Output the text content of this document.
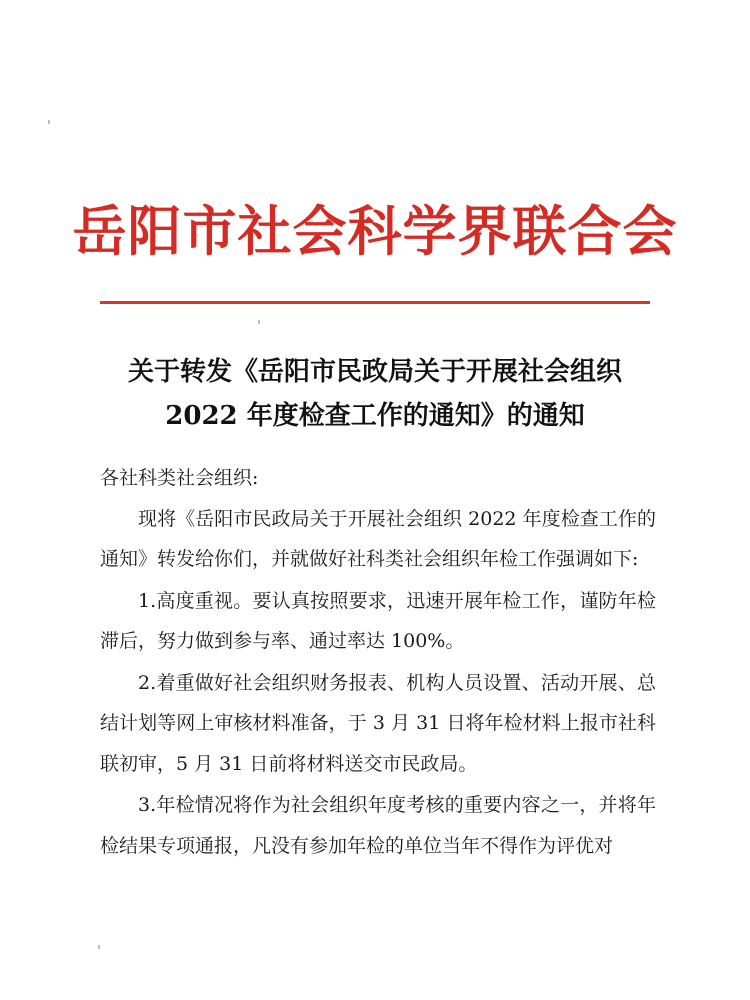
岳阳市社会科学界联合会
关于转发《岳阳市民政局关于开展社会组织
2022 年度检查工作的通知》的通知

各社科类社会组织:

现将《岳阳市民政局关于开展社会组织 2022 年度检查工作的通知》转发给你们，并就做好社科类社会组织年检工作强调如下:

1.高度重视。要认真按照要求，迅速开展年检工作，谨防年检滞后，努力做到参与率、通过率达 100%。

2.着重做好社会组织财务报表、机构人员设置、活动开展、总结计划等网上审核材料准备，于 3 月 31 日将年检材料上报市社科联初审，5 月 31 日前将材料送交市民政局。

3.年检情况将作为社会组织年度考核的重要内容之一，并将年检结果专项通报，凡没有参加年检的单位当年不得作为评优对
